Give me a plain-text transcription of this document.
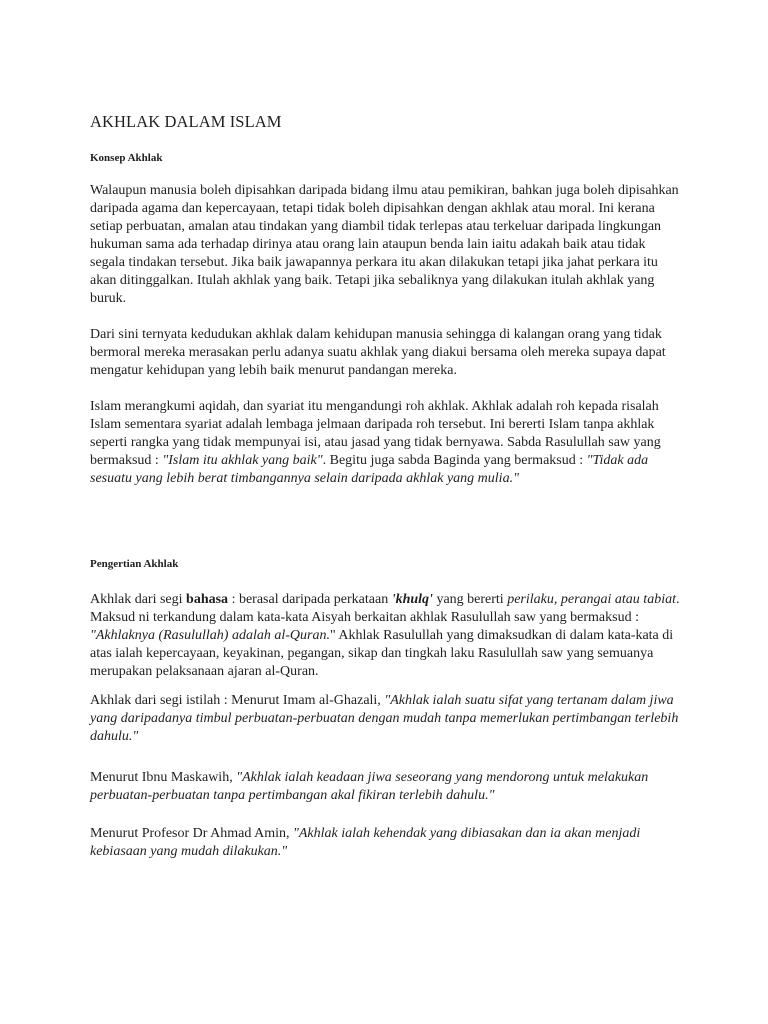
AKHLAK DALAM ISLAM
Konsep Akhlak

Walaupun manusia boleh dipisahkan daripada bidang ilmu atau pemikiran, bahkan juga boleh dipisahkan daripada agama dan kepercayaan, tetapi tidak boleh dipisahkan dengan akhlak atau moral. Ini kerana setiap perbuatan, amalan atau tindakan yang diambil tidak terlepas atau terkeluar daripada lingkungan hukuman sama ada terhadap dirinya atau orang lain ataupun benda lain iaitu adakah baik atau tidak segala tindakan tersebut. Jika baik jawapannya perkara itu akan dilakukan tetapi jika jahat perkara itu akan ditinggalkan. Itulah akhlak yang baik. Tetapi jika sebaliknya yang dilakukan itulah akhlak yang buruk.

Dari sini ternyata kedudukan akhlak dalam kehidupan manusia sehingga di kalangan orang yang tidak bermoral mereka merasakan perlu adanya suatu akhlak yang diakui bersama oleh mereka supaya dapat mengatur kehidupan yang lebih baik menurut pandangan mereka.

Islam merangkumi aqidah, dan syariat itu mengandungi roh akhlak. Akhlak adalah roh kepada risalah Islam sementara syariat adalah lembaga jelmaan daripada roh tersebut. Ini bererti Islam tanpa akhlak seperti rangka yang tidak mempunyai isi, atau jasad yang tidak bernyawa. Sabda Rasulullah saw yang bermaksud : "Islam itu akhlak yang baik". Begitu juga sabda Baginda yang bermaksud : "Tidak ada sesuatu yang lebih berat timbangannya selain daripada akhlak yang mulia."

Pengertian Akhlak

Akhlak dari segi bahasa : berasal daripada perkataan 'khulq' yang bererti perilaku, perangai atau tabiat. Maksud ni terkandung dalam kata-kata Aisyah berkaitan akhlak Rasulullah saw yang bermaksud : "Akhlaknya (Rasulullah) adalah al-Quran." Akhlak Rasulullah yang dimaksudkan di dalam kata-kata di atas ialah kepercayaan, keyakinan, pegangan, sikap dan tingkah laku Rasulullah saw yang semuanya merupakan pelaksanaan ajaran al-Quran.

Akhlak dari segi istilah : Menurut Imam al-Ghazali, "Akhlak ialah suatu sifat yang tertanam dalam jiwa yang daripadanya timbul perbuatan-perbuatan dengan mudah tanpa memerlukan pertimbangan terlebih dahulu."

Menurut Ibnu Maskawih, "Akhlak ialah keadaan jiwa seseorang yang mendorong untuk melakukan perbuatan-perbuatan tanpa pertimbangan akal fikiran terlebih dahulu."

Menurut Profesor Dr Ahmad Amin, "Akhlak ialah kehendak yang dibiasakan dan ia akan menjadi kebiasaan yang mudah dilakukan."
